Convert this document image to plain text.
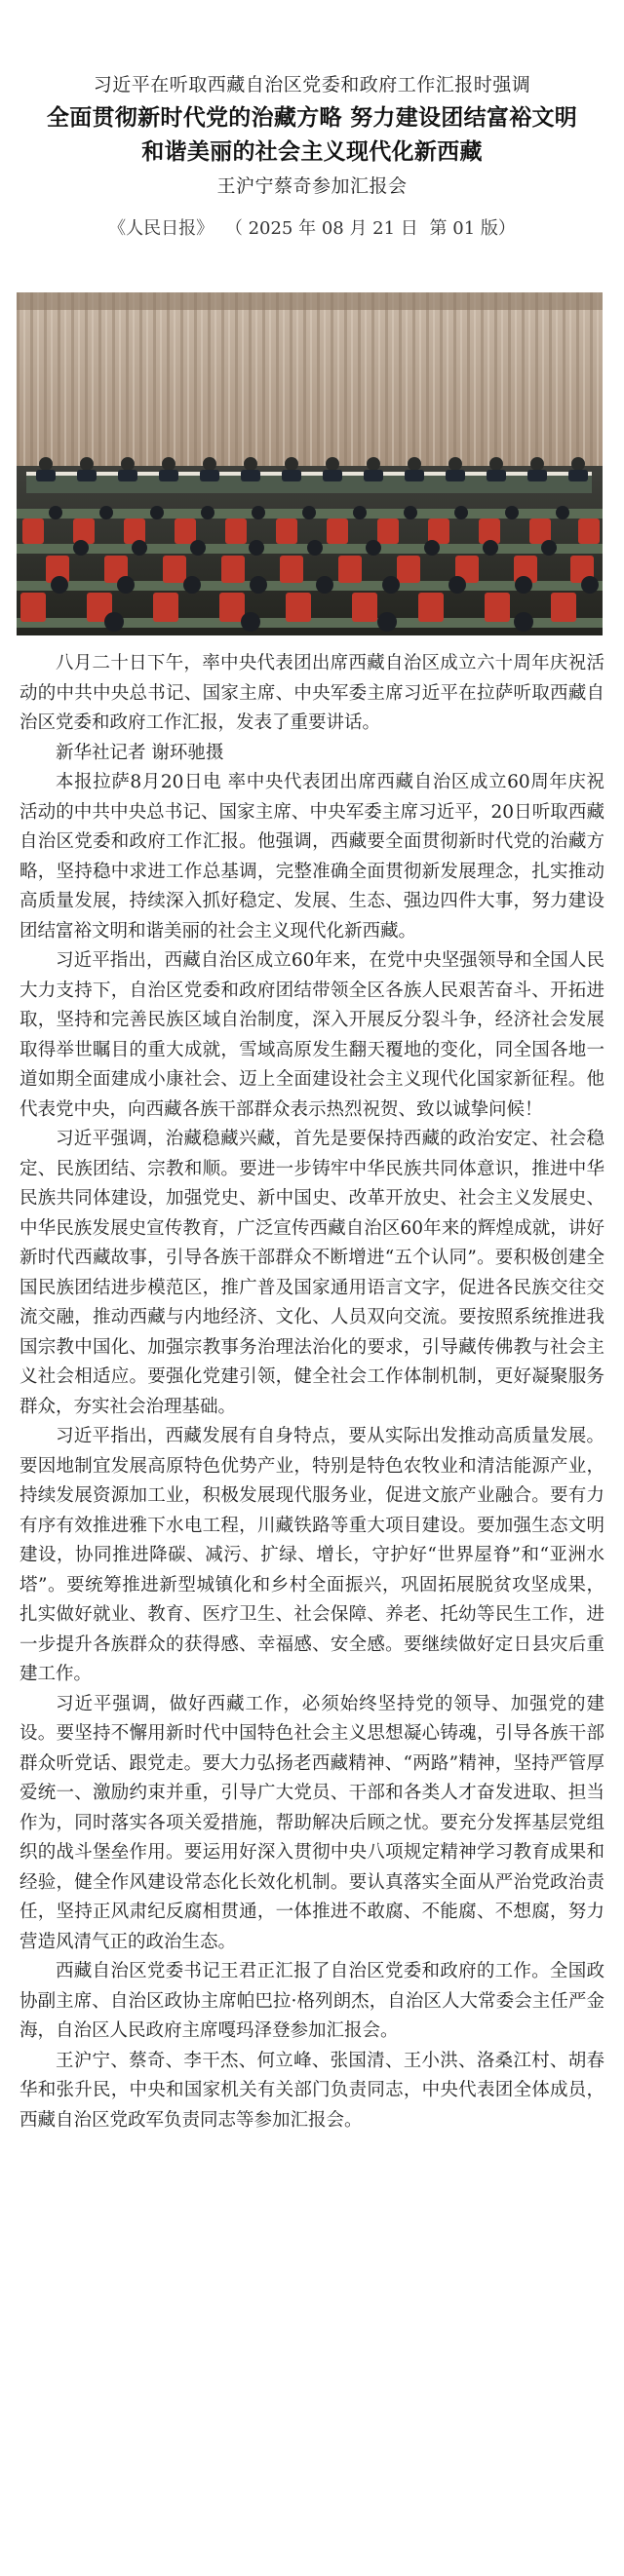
习近平在听取西藏自治区党委和政府工作汇报时强调

全面贯彻新时代党的治藏方略 努力建设团结富裕文明

和谐美丽的社会主义现代化新西藏

王沪宁蔡奇参加汇报会

《人民日报》 （ 2025 年 08 月 21 日 第 01 版）

八月二十日下午，率中央代表团出席西藏自治区成立六十周年庆祝活动的中共中央总书记、国家主席、中央军委主席习近平在拉萨听取西藏自治区党委和政府工作汇报，发表了重要讲话。

新华社记者 谢环驰摄

本报拉萨8月20日电 率中央代表团出席西藏自治区成立60周年庆祝活动的中共中央总书记、国家主席、中央军委主席习近平，20日听取西藏自治区党委和政府工作汇报。他强调，西藏要全面贯彻新时代党的治藏方略，坚持稳中求进工作总基调，完整准确全面贯彻新发展理念，扎实推动高质量发展，持续深入抓好稳定、发展、生态、强边四件大事，努力建设团结富裕文明和谐美丽的社会主义现代化新西藏。

习近平指出，西藏自治区成立60年来，在党中央坚强领导和全国人民大力支持下，自治区党委和政府团结带领全区各族人民艰苦奋斗、开拓进取，坚持和完善民族区域自治制度，深入开展反分裂斗争，经济社会发展取得举世瞩目的重大成就，雪域高原发生翻天覆地的变化，同全国各地一道如期全面建成小康社会、迈上全面建设社会主义现代化国家新征程。他代表党中央，向西藏各族干部群众表示热烈祝贺、致以诚挚问候！

习近平强调，治藏稳藏兴藏，首先是要保持西藏的政治安定、社会稳定、民族团结、宗教和顺。要进一步铸牢中华民族共同体意识，推进中华民族共同体建设，加强党史、新中国史、改革开放史、社会主义发展史、中华民族发展史宣传教育，广泛宣传西藏自治区60年来的辉煌成就，讲好新时代西藏故事，引导各族干部群众不断增进“五个认同”。要积极创建全国民族团结进步模范区，推广普及国家通用语言文字，促进各民族交往交流交融，推动西藏与内地经济、文化、人员双向交流。要按照系统推进我国宗教中国化、加强宗教事务治理法治化的要求，引导藏传佛教与社会主义社会相适应。要强化党建引领，健全社会工作体制机制，更好凝聚服务群众，夯实社会治理基础。

习近平指出，西藏发展有自身特点，要从实际出发推动高质量发展。要因地制宜发展高原特色优势产业，特别是特色农牧业和清洁能源产业，持续发展资源加工业，积极发展现代服务业，促进文旅产业融合。要有力有序有效推进雅下水电工程，川藏铁路等重大项目建设。要加强生态文明建设，协同推进降碳、减污、扩绿、增长，守护好“世界屋脊”和“亚洲水塔”。要统筹推进新型城镇化和乡村全面振兴，巩固拓展脱贫攻坚成果，扎实做好就业、教育、医疗卫生、社会保障、养老、托幼等民生工作，进一步提升各族群众的获得感、幸福感、安全感。要继续做好定日县灾后重建工作。

习近平强调，做好西藏工作，必须始终坚持党的领导、加强党的建设。要坚持不懈用新时代中国特色社会主义思想凝心铸魂，引导各族干部群众听党话、跟党走。要大力弘扬老西藏精神、“两路”精神，坚持严管厚爱统一、激励约束并重，引导广大党员、干部和各类人才奋发进取、担当作为，同时落实各项关爱措施，帮助解决后顾之忧。要充分发挥基层党组织的战斗堡垒作用。要运用好深入贯彻中央八项规定精神学习教育成果和经验，健全作风建设常态化长效化机制。要认真落实全面从严治党政治责任，坚持正风肃纪反腐相贯通，一体推进不敢腐、不能腐、不想腐，努力营造风清气正的政治生态。

西藏自治区党委书记王君正汇报了自治区党委和政府的工作。全国政协副主席、自治区政协主席帕巴拉·格列朗杰，自治区人大常委会主任严金海，自治区人民政府主席嘎玛泽登参加汇报会。

王沪宁、蔡奇、李干杰、何立峰、张国清、王小洪、洛桑江村、胡春华和张升民，中央和国家机关有关部门负责同志，中央代表团全体成员，西藏自治区党政军负责同志等参加汇报会。
